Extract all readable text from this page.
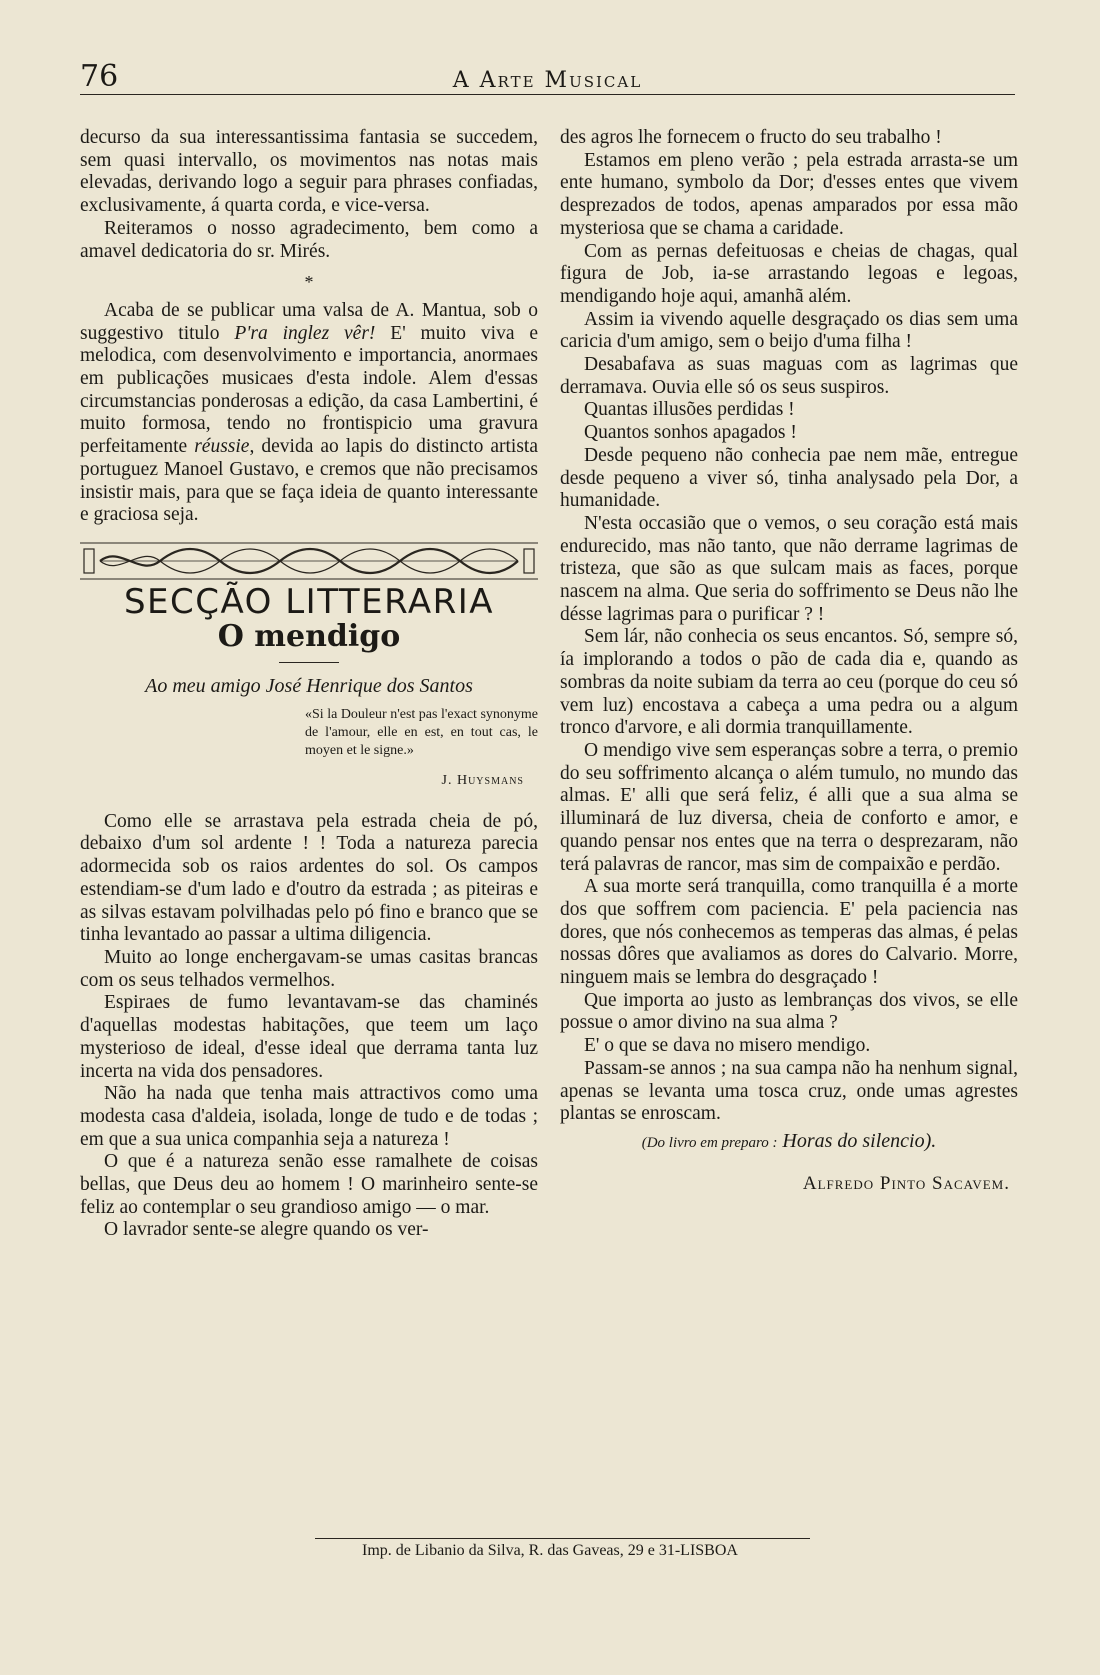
76	A Arte Musical

decurso da sua interessantissima fantasia se succedem, sem quasi intervallo, os movimentos nas notas mais elevadas, derivando logo a seguir para phrases confiadas, exclusivamente, á quarta corda, e vice-versa.

Reiteramos o nosso agradecimento, bem como a amavel dedicatoria do sr. Mirés.

*

Acaba de se publicar uma valsa de A. Mantua, sob o suggestivo titulo P'ra inglez vêr! E' muito viva e melodica, com desenvolvimento e importancia, anormaes em publicações musicaes d'esta indole. Alem d'essas circumstancias ponderosas a edição, da casa Lambertini, é muito formosa, tendo no frontispicio uma gravura perfeitamente réussie, devida ao lapis do distincto artista portuguez Manoel Gustavo, e cremos que não precisamos insistir mais, para que se faça ideia de quanto interessante e graciosa seja.

SECÇÃO LITTERARIA
O mendigo
Ao meu amigo José Henrique dos Santos
«Si la Douleur n'est pas l'exact synonyme de l'amour, elle en est, en tout cas, le moyen et le signe.»
J. Huysmans

Como elle se arrastava pela estrada cheia de pó, debaixo d'um sol ardente ! ! Toda a natureza parecia adormecida sob os raios ardentes do sol. Os campos estendiam-se d'um lado e d'outro da estrada ; as piteiras e as silvas estavam polvilhadas pelo pó fino e branco que se tinha levantado ao passar a ultima diligencia.

Muito ao longe enchergavam-se umas casitas brancas com os seus telhados vermelhos.

Espiraes de fumo levantavam-se das chaminés d'aquellas modestas habitações, que teem um laço mysterioso de ideal, d'esse ideal que derrama tanta luz incerta na vida dos pensadores.

Não ha nada que tenha mais attractivos como uma modesta casa d'aldeia, isolada, longe de tudo e de todas ; em que a sua unica companhia seja a natureza !

O que é a natureza senão esse ramalhete de coisas bellas, que Deus deu ao homem ! O marinheiro sente-se feliz ao contemplar o seu grandioso amigo — o mar.

O lavrador sente-se alegre quando os ver-

des agros lhe fornecem o fructo do seu trabalho !

Estamos em pleno verão ; pela estrada arrasta-se um ente humano, symbolo da Dor; d'esses entes que vivem desprezados de todos, apenas amparados por essa mão mysteriosa que se chama a caridade.

Com as pernas defeituosas e cheias de chagas, qual figura de Job, ia-se arrastando legoas e legoas, mendigando hoje aqui, amanhã além.

Assim ia vivendo aquelle desgraçado os dias sem uma caricia d'um amigo, sem o beijo d'uma filha !

Desabafava as suas maguas com as lagrimas que derramava. Ouvia elle só os seus suspiros.

Quantas illusões perdidas !

Quantos sonhos apagados !

Desde pequeno não conhecia pae nem mãe, entregue desde pequeno a viver só, tinha analysado pela Dor, a humanidade.

N'esta occasião que o vemos, o seu coração está mais endurecido, mas não tanto, que não derrame lagrimas de tristeza, que são as que sulcam mais as faces, porque nascem na alma. Que seria do soffrimento se Deus não lhe désse lagrimas para o purificar ? !

Sem lár, não conhecia os seus encantos. Só, sempre só, ía implorando a todos o pão de cada dia e, quando as sombras da noite subiam da terra ao ceu (porque do ceu só vem luz) encostava a cabeça a uma pedra ou a algum tronco d'arvore, e ali dormia tranquillamente.

O mendigo vive sem esperanças sobre a terra, o premio do seu soffrimento alcança o além tumulo, no mundo das almas. E' alli que será feliz, é alli que a sua alma se illuminará de luz diversa, cheia de conforto e amor, e quando pensar nos entes que na terra o desprezaram, não terá palavras de rancor, mas sim de compaixão e perdão.

A sua morte será tranquilla, como tranquilla é a morte dos que soffrem com paciencia. E' pela paciencia nas dores, que nós conhecemos as temperas das almas, é pelas nossas dôres que avaliamos as dores do Calvario. Morre, ninguem mais se lembra do desgraçado !

Que importa ao justo as lembranças dos vivos, se elle possue o amor divino na sua alma ?

E' o que se dava no misero mendigo.

Passam-se annos ; na sua campa não ha nenhum signal, apenas se levanta uma tosca cruz, onde umas agrestes plantas se enroscam.

(Do livro em preparo : Horas do silencio).
Alfredo Pinto Sacavem.
Imp. de Libanio da Silva, R. das Gaveas, 29 e 31-LISBOA
